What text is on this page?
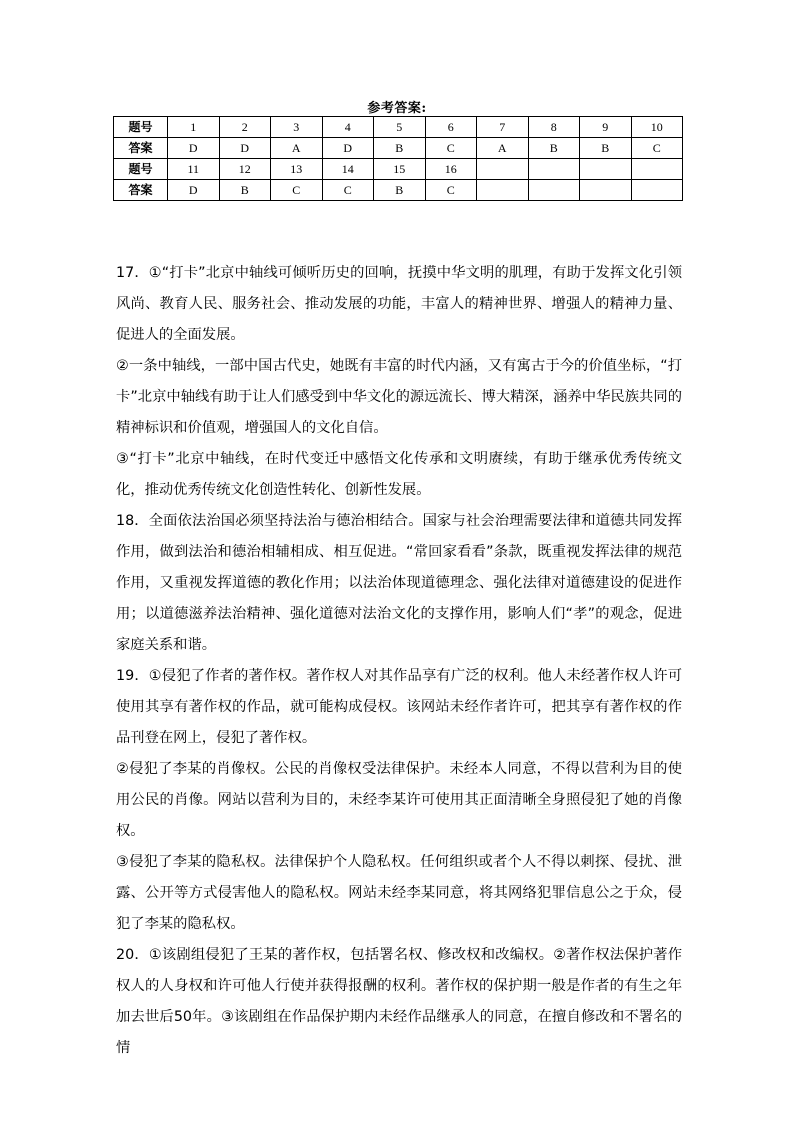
参考答案:
题号	1	2	3	4	5	6	7	8	9	10
答案	D	D	A	D	B	C	A	B	B	C
题号	11	12	13	14	15	16				
答案	D	B	C	C	B	C				

17．①“打卡”北京中轴线可倾听历史的回响，抚摸中华文明的肌理，有助于发挥文化引领风尚、教育人民、服务社会、推动发展的功能，丰富人的精神世界、增强人的精神力量、促进人的全面发展。

②一条中轴线，一部中国古代史，她既有丰富的时代内涵，又有寓古于今的价值坐标，“打卡”北京中轴线有助于让人们感受到中华文化的源远流长、博大精深，涵养中华民族共同的精神标识和价值观，增强国人的文化自信。

③“打卡”北京中轴线，在时代变迁中感悟文化传承和文明赓续，有助于继承优秀传统文化，推动优秀传统文化创造性转化、创新性发展。

18．全面依法治国必须坚持法治与德治相结合。国家与社会治理需要法律和道德共同发挥作用，做到法治和德治相辅相成、相互促进。“常回家看看”条款，既重视发挥法律的规范作用，又重视发挥道德的教化作用；以法治体现道德理念、强化法律对道德建设的促进作用；以道德滋养法治精神、强化道德对法治文化的支撑作用，影响人们“孝”的观念，促进家庭关系和谐。

19．①侵犯了作者的著作权。著作权人对其作品享有广泛的权利。他人未经著作权人许可使用其享有著作权的作品，就可能构成侵权。该网站未经作者许可，把其享有著作权的作品刊登在网上，侵犯了著作权。

②侵犯了李某的肖像权。公民的肖像权受法律保护。未经本人同意，不得以营利为目的使用公民的肖像。网站以营利为目的，未经李某许可使用其正面清晰全身照侵犯了她的肖像权。

③侵犯了李某的隐私权。法律保护个人隐私权。任何组织或者个人不得以刺探、侵扰、泄露、公开等方式侵害他人的隐私权。网站未经李某同意，将其网络犯罪信息公之于众，侵犯了李某的隐私权。

20．①该剧组侵犯了王某的著作权，包括署名权、修改权和改编权。②著作权法保护著作权人的人身权和许可他人行使并获得报酬的权利。著作权的保护期一般是作者的有生之年加去世后50年。③该剧组在作品保护期内未经作品继承人的同意，在擅自修改和不署名的情
